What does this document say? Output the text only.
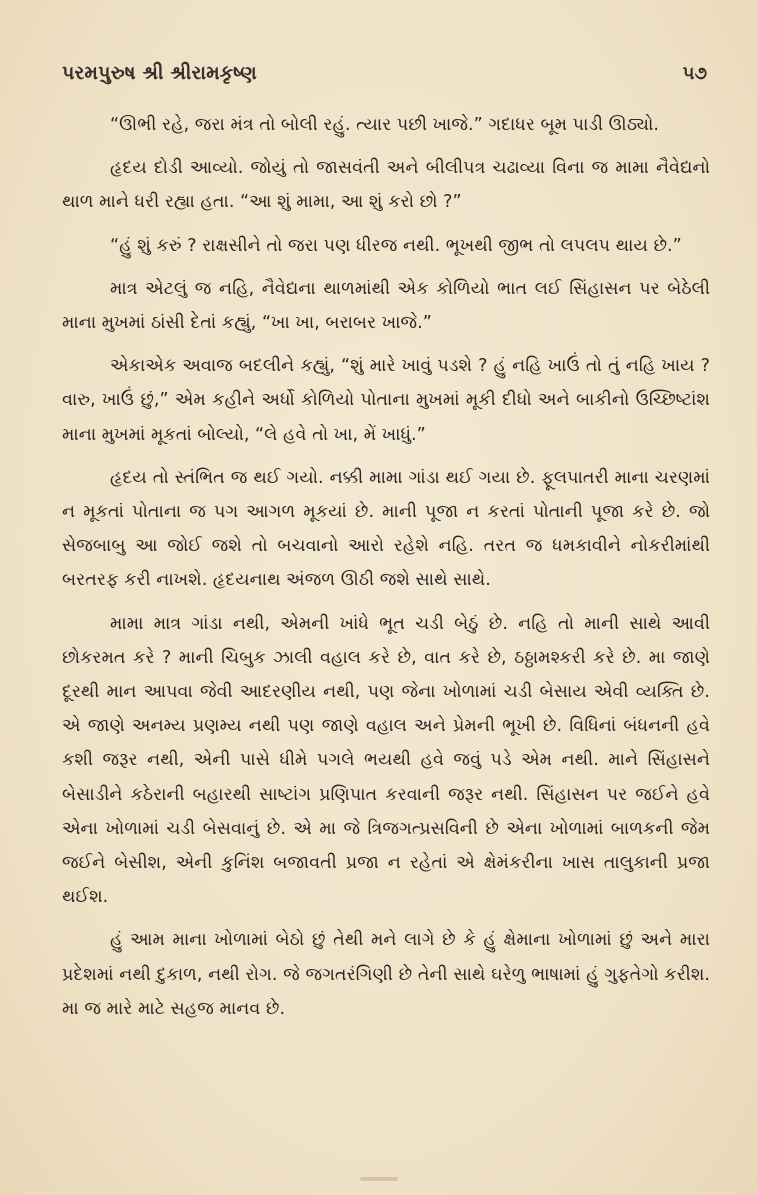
પરમપુરુષ શ્રી શ્રીરામકૃષ્ણ	૫૭

“ઊભી રહે, જરા મંત્ર તો બોલી રહું. ત્યાર પછી ખાજે.” ગદાધર બૂમ પાડી ઊઠ્યો.

હૃદય દોડી આવ્યો. જોયું તો જાસવંતી અને બીલીપત્ર ચઢાવ્યા વિના જ મામા નૈવેદ્યનો થાળ માને ધરી રહ્યા હતા. “આ શું મામા, આ શું કરો છો ?”

“હું શું કરું ? રાક્ષસીને તો જરા પણ ધીરજ નથી. ભૂખથી જીભ તો લપલપ થાય છે.”

માત્ર એટલું જ નહિ, નૈવેદ્યના થાળમાંથી એક કોળિયો ભાત લઈ સિંહાસન પર બેઠેલી માના મુખમાં ઠાંસી દેતાં કહ્યું, “ખા ખા, બરાબર ખાજે.”

એકાએક અવાજ બદલીને કહ્યું, “શું મારે ખાવું પડશે ? હું નહિ ખાઉં તો તું નહિ ખાય ? વારુ, ખાઉં છું,” એમ કહીને અર્ધો કોળિયો પોતાના મુખમાં મૂકી દીધો અને બાકીનો ઉચ્છિષ્ટાંશ માના મુખમાં મૂકતાં બોલ્યો, “લે હવે તો ખા, મેં ખાધું.”

હૃદય તો સ્તંભિત જ થઈ ગયો. નક્કી મામા ગાંડા થઈ ગયા છે. ફૂલપાતરી માના ચરણમાં ન મૂકતાં પોતાના જ પગ આગળ મૂકયાં છે. માની પૂજા ન કરતાં પોતાની પૂજા કરે છે. જો સેજબાબુ આ જોઈ જશે તો બચવાનો આરો રહેશે નહિ. તરત જ ધમકાવીને નોકરીમાંથી બરતરફ કરી નાખશે. હૃદયનાથ અંજળ ઊઠી જશે સાથે સાથે.

મામા માત્ર ગાંડા નથી, એમની ખાંધે ભૂત ચડી બેઠું છે. નહિ તો માની સાથે આવી છોકરમત કરે ? માની ચિબુક ઝાલી વહાલ કરે છે, વાત કરે છે, ઠઠ્ઠામશ્કરી કરે છે. મા જાણે દૂરથી માન આપવા જેવી આદરણીય નથી, પણ જેના ખોળામાં ચડી બેસાય એવી વ્યક્તિ છે. એ જાણે અનમ્ય પ્રણમ્ય નથી પણ જાણે વહાલ અને પ્રેમની ભૂખી છે. વિધિનાં બંધનની હવે કશી જરૂર નથી, એની પાસે ધીમે પગલે ભયથી હવે જવું પડે એમ નથી. માને સિંહાસને બેસાડીને કઠેરાની બહારથી સાષ્ટાંગ પ્રણિપાત કરવાની જરૂર નથી. સિંહાસન પર જઈને હવે એના ખોળામાં ચડી બેસવાનું છે. એ મા જે ત્રિજગત્પ્રસવિની છે એના ખોળામાં બાળકની જેમ જઈને બેસીશ, એની કુનિંશ બજાવતી પ્રજા ન રહેતાં એ ક્ષેમંકરીના ખાસ તાલુકાની પ્રજા થઈશ.

હું આમ માના ખોળામાં બેઠો છું તેથી મને લાગે છે કે હું ક્ષેમાના ખોળામાં છું અને મારા પ્રદેશમાં નથી દુકાળ, નથી રોગ. જે જગતરંગિણી છે તેની સાથે ઘરેળુ ભાષામાં હું ગુફતેગો કરીશ. મા જ મારે માટે સહજ માનવ છે.
